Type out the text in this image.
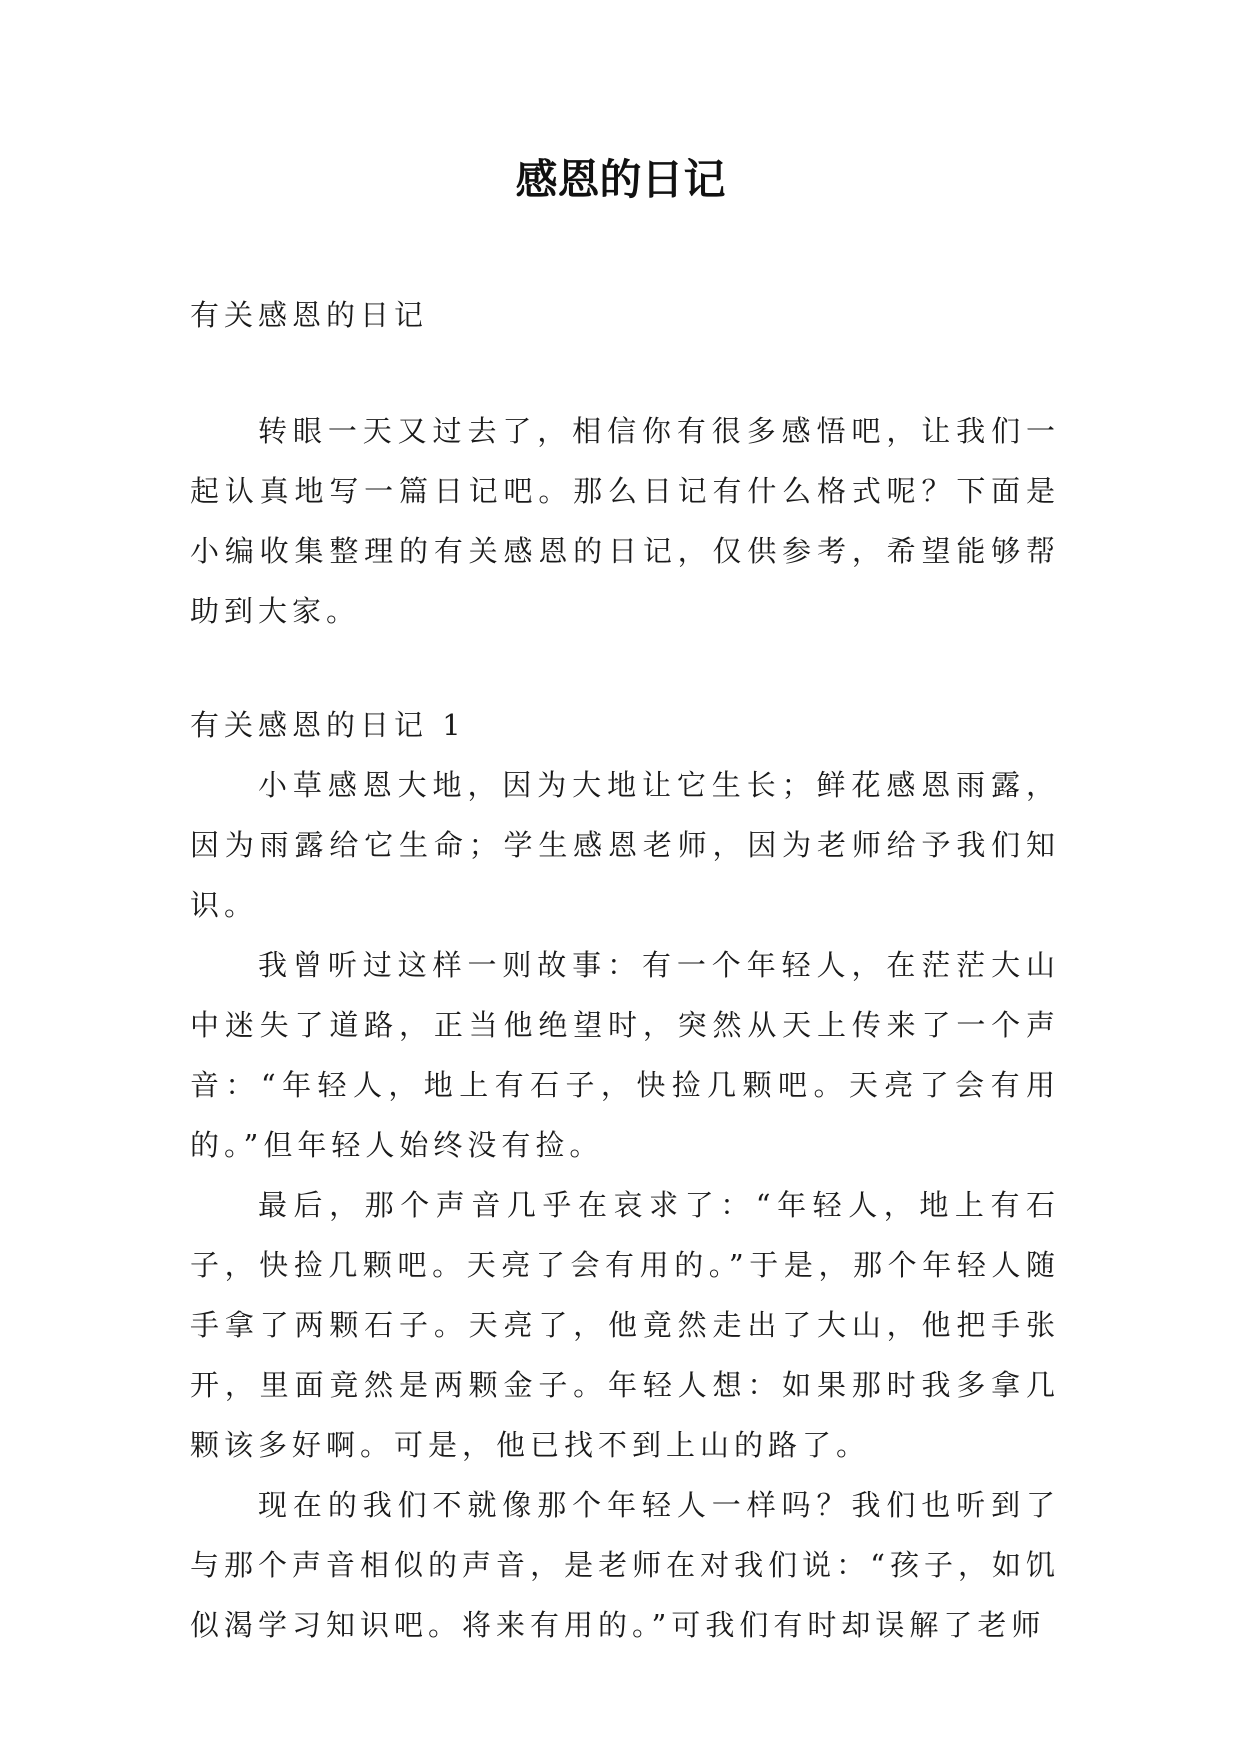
感恩的日记

有关感恩的日记

转眼一天又过去了，相信你有很多感悟吧，让我们一起认真地写一篇日记吧。那么日记有什么格式呢？下面是小编收集整理的有关感恩的日记，仅供参考，希望能够帮助到大家。

有关感恩的日记 1

小草感恩大地，因为大地让它生长；鲜花感恩雨露，因为雨露给它生命；学生感恩老师，因为老师给予我们知识。

我曾听过这样一则故事：有一个年轻人，在茫茫大山中迷失了道路，正当他绝望时，突然从天上传来了一个声音：“年轻人，地上有石子，快捡几颗吧。天亮了会有用的。”但年轻人始终没有捡。

最后，那个声音几乎在哀求了：“年轻人，地上有石子，快捡几颗吧。天亮了会有用的。”于是，那个年轻人随手拿了两颗石子。天亮了，他竟然走出了大山，他把手张开，里面竟然是两颗金子。年轻人想：如果那时我多拿几颗该多好啊。可是，他已找不到上山的路了。

现在的我们不就像那个年轻人一样吗？我们也听到了与那个声音相似的声音，是老师在对我们说：“孩子，如饥似渴学习知识吧。将来有用的。”可我们有时却误解了老师
